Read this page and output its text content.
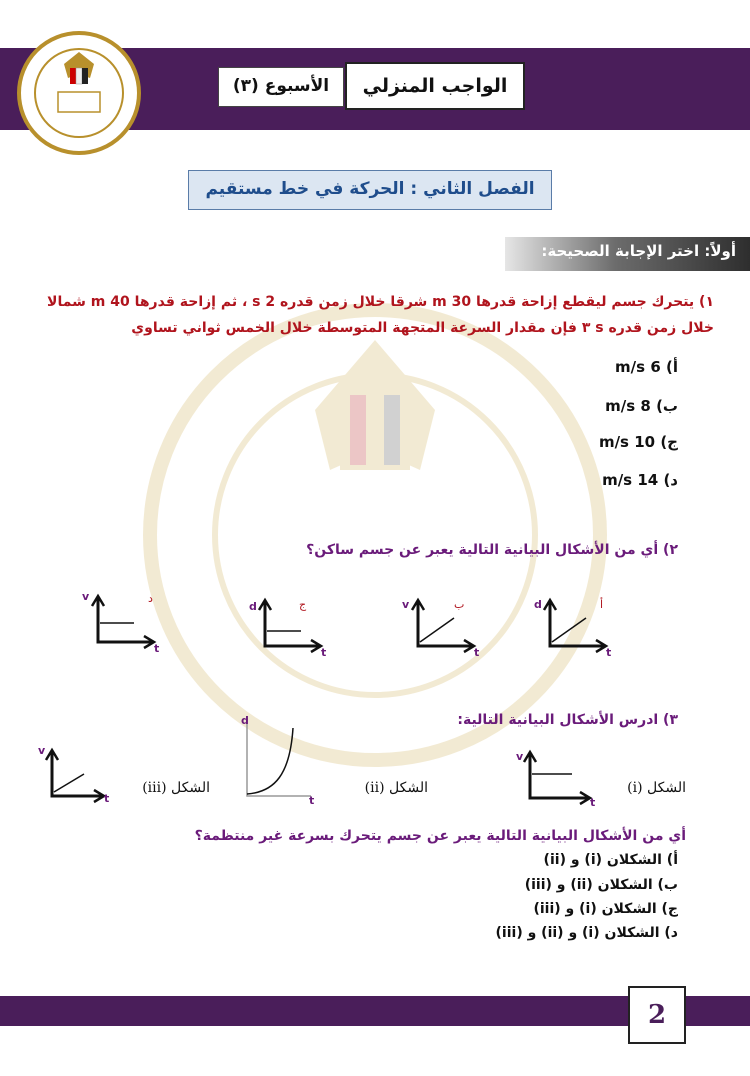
الواجب المنزلي
الأسبوع (٣)
الفصل الثاني : الحركة في خط مستقيم
أولاً: اختر الإجابة الصحيحة:
١) يتحرك جسم ليقطع إزاحة قدرها m 30 شرقا خلال زمن قدره s 2 ، ثم إزاحة قدرها m 40 شمالا
خلال زمن قدره s ٣ فإن مقدار السرعة المتجهة المتوسطة خلال الخمس ثواني تساوي
أ) 6 m/s
ب) 8 m/s
ج) 10 m/s
د) 14 m/s
٢) أي من الأشكال البيانية التالية يعبر عن جسم ساكن؟
d
t
أ
v
t
ب
d
t
ج
v
t
د
٣) ادرس الأشكال البيانية التالية:
v
t
الشكل (i)
d
t
الشكل (ii)
v
t
الشكل (iii)
أي من الأشكال البيانية التالية يعبر عن جسم يتحرك بسرعة غير منتظمة؟
أ) الشكلان (i) و (ii)
ب) الشكلان (ii) و (iii)
ج) الشكلان (i) و (iii)
د) الشكلان (i) و (ii) و (iii)
2
